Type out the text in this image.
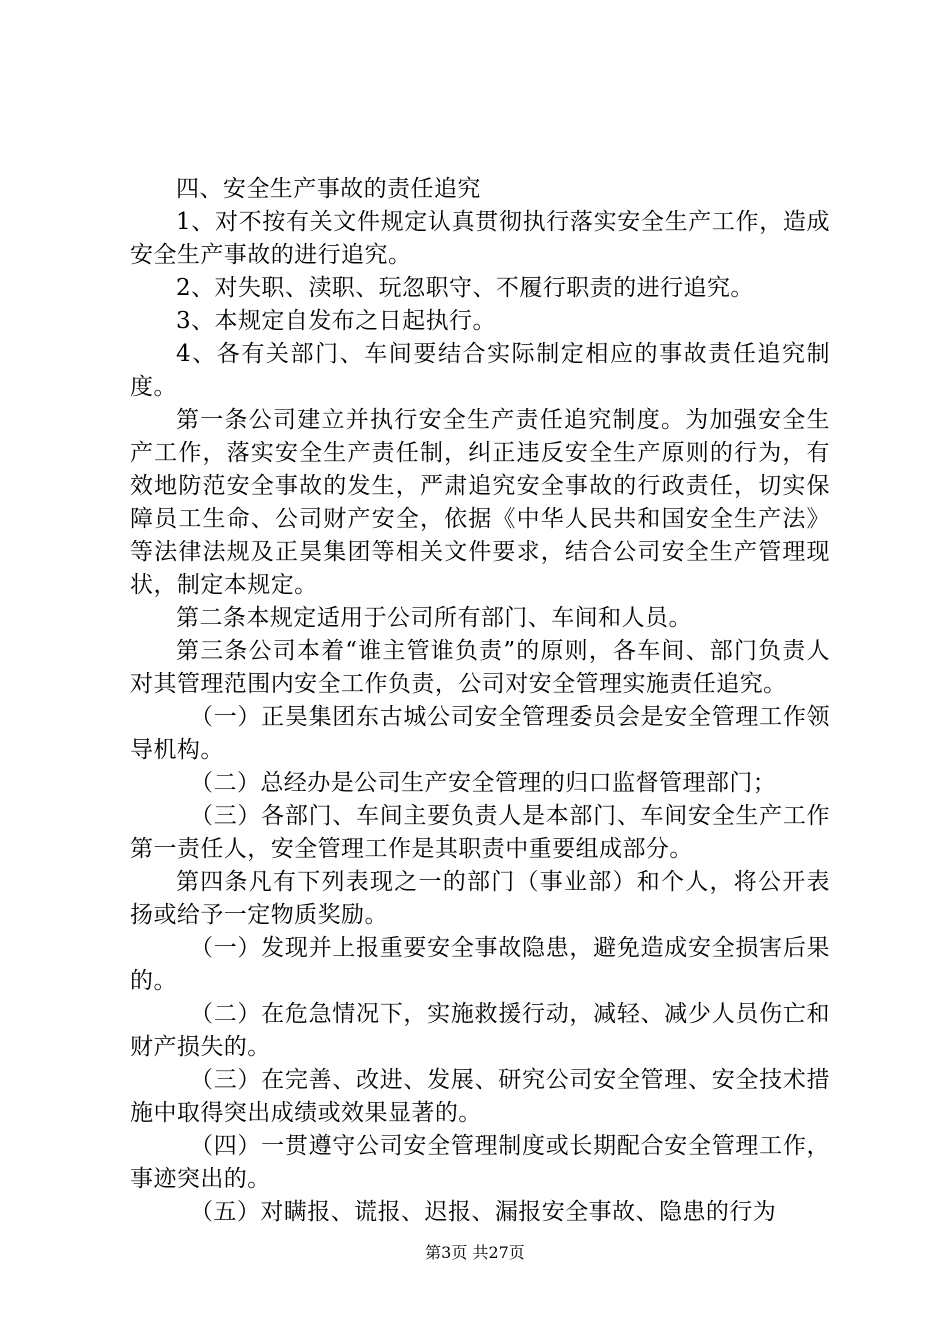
四、安全生产事故的责任追究

1、对不按有关文件规定认真贯彻执行落实安全生产工作，造成安全生产事故的进行追究。

2、对失职、渎职、玩忽职守、不履行职责的进行追究。

3、本规定自发布之日起执行。

4、各有关部门、车间要结合实际制定相应的事故责任追究制度。

第一条公司建立并执行安全生产责任追究制度。为加强安全生产工作，落实安全生产责任制，纠正违反安全生产原则的行为，有效地防范安全事故的发生，严肃追究安全事故的行政责任，切实保障员工生命、公司财产安全，依据《中华人民共和国安全生产法》等法律法规及正昊集团等相关文件要求，结合公司安全生产管理现状，制定本规定。

第二条本规定适用于公司所有部门、车间和人员。

第三条公司本着“谁主管谁负责”的原则，各车间、部门负责人对其管理范围内安全工作负责，公司对安全管理实施责任追究。

（一）正昊集团东古城公司安全管理委员会是安全管理工作领导机构。

（二）总经办是公司生产安全管理的归口监督管理部门；

（三）各部门、车间主要负责人是本部门、车间安全生产工作第一责任人，安全管理工作是其职责中重要组成部分。

第四条凡有下列表现之一的部门（事业部）和个人，将公开表扬或给予一定物质奖励。

（一）发现并上报重要安全事故隐患，避免造成安全损害后果的。

（二）在危急情况下，实施救援行动，减轻、减少人员伤亡和财产损失的。

（三）在完善、改进、发展、研究公司安全管理、安全技术措施中取得突出成绩或效果显著的。

（四）一贯遵守公司安全管理制度或长期配合安全管理工作，事迹突出的。

（五）对瞒报、谎报、迟报、漏报安全事故、隐患的行为

第3页 共27页
